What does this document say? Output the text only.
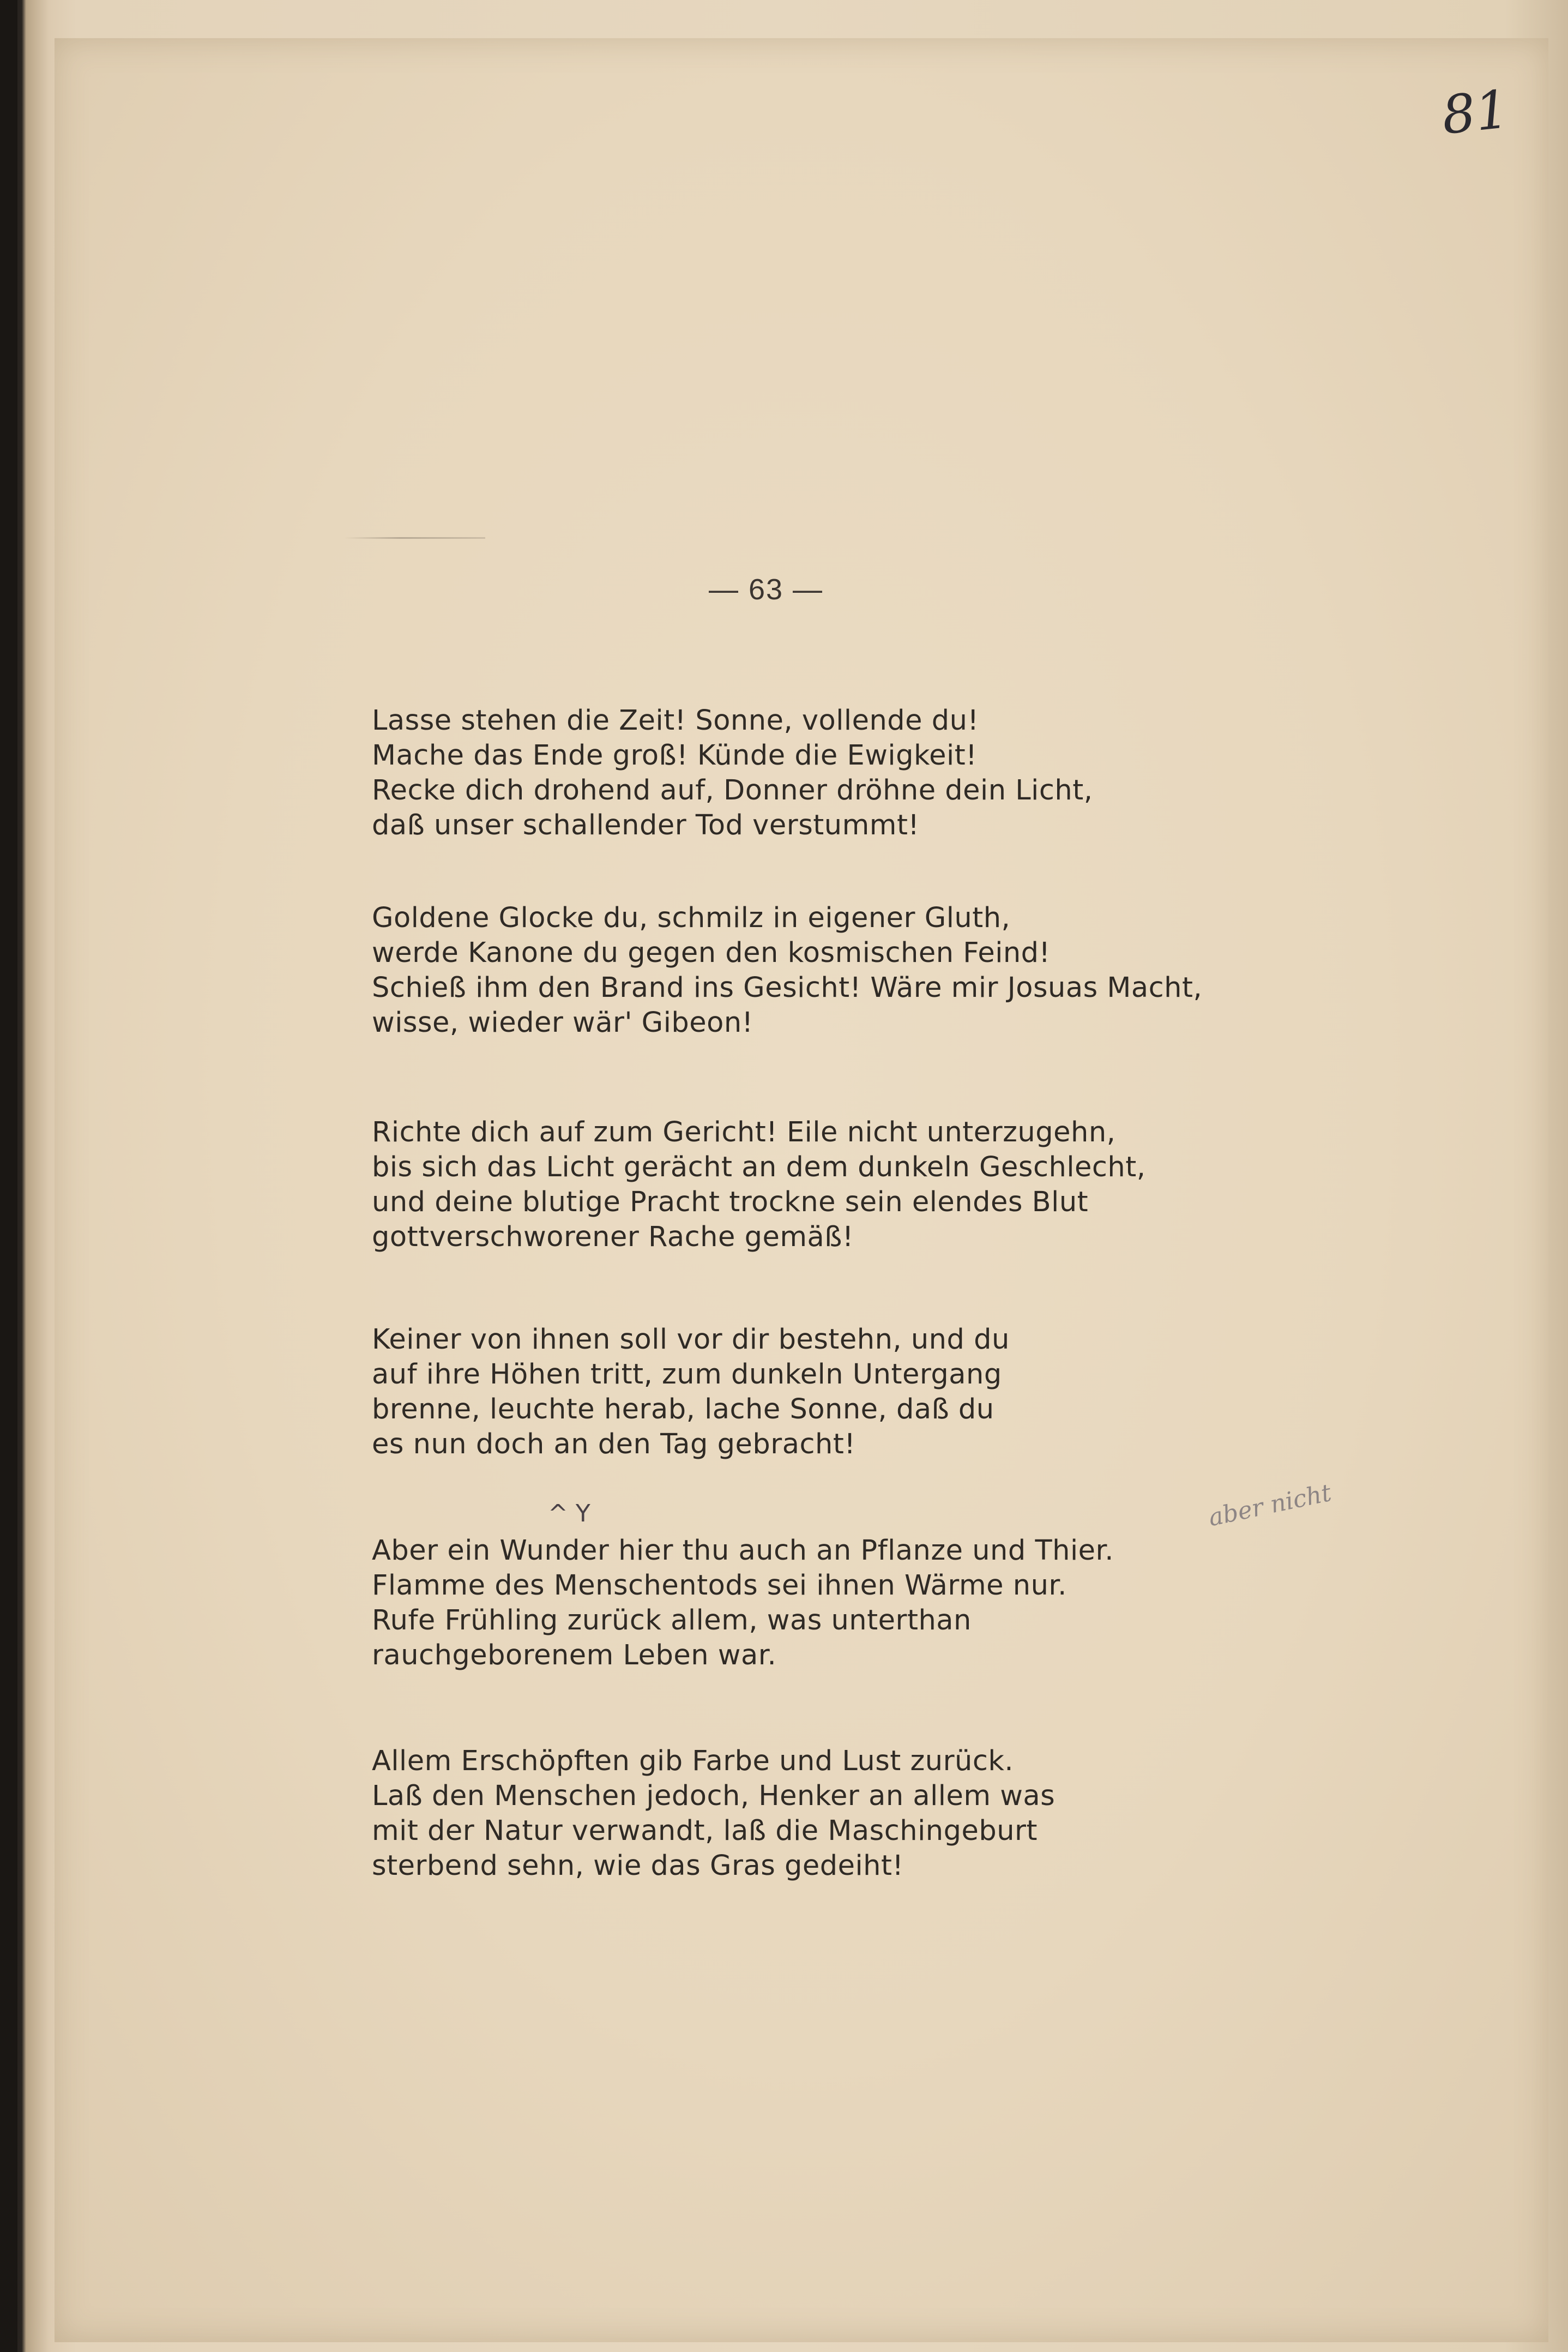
81
— 63 —
Lasse stehen die Zeit! Sonne, vollende du!
Mache das Ende groß! Künde die Ewigkeit!
Recke dich drohend auf, Donner dröhne dein Licht,
daß unser schallender Tod verstummt!
Goldene Glocke du, schmilz in eigener Gluth,
werde Kanone du gegen den kosmischen Feind!
Schieß ihm den Brand ins Gesicht! Wäre mir Josuas Macht,
wisse, wieder wär' Gibeon!
Richte dich auf zum Gericht! Eile nicht unterzugehn,
bis sich das Licht gerächt an dem dunkeln Geschlecht,
und deine blutige Pracht trockne sein elendes Blut
gottverschworener Rache gemäß!
Keiner von ihnen soll vor dir bestehn, und du
auf ihre Höhen tritt, zum dunkeln Untergang
brenne, leuchte herab, lache Sonne, daß du
es nun doch an den Tag gebracht!
^ Y
Aber ein Wunder hier thu auch an Pflanze und Thier.
Flamme des Menschentods sei ihnen Wärme nur.
Rufe Frühling zurück allem, was unterthan
rauchgeborenem Leben war.
aber nicht
Allem Erschöpften gib Farbe und Lust zurück.
Laß den Menschen jedoch, Henker an allem was
mit der Natur verwandt, laß die Maschingeburt
sterbend sehn, wie das Gras gedeiht!
